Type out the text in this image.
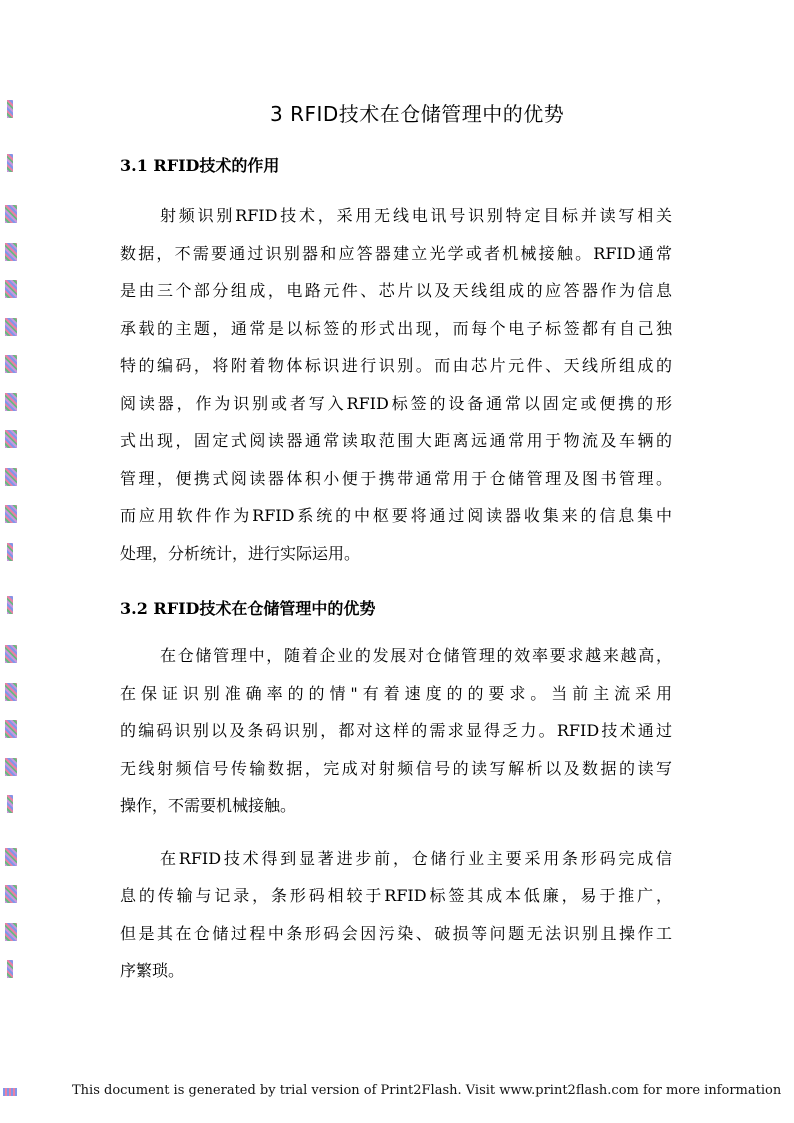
3 RFID技术在仓储管理中的优势
3.1 RFID技术的作用
射频识别RFID技术，采用无线电讯号识别特定目标并读写相关
数据，不需要通过识别器和应答器建立光学或者机械接触。RFID通常
是由三个部分组成，电路元件、芯片以及天线组成的应答器作为信息
承载的主题，通常是以标签的形式出现，而每个电子标签都有自己独
特的编码，将附着物体标识进行识别。而由芯片元件、天线所组成的
阅读器，作为识别或者写入RFID标签的设备通常以固定或便携的形
式出现，固定式阅读器通常读取范围大距离远通常用于物流及车辆的
管理，便携式阅读器体积小便于携带通常用于仓储管理及图书管理。
而应用软件作为RFID系统的中枢要将通过阅读器收集来的信息集中
处理，分析统计，进行实际运用。
3.2 RFID技术在仓储管理中的优势
在仓储管理中，随着企业的发展对仓储管理的效率要求越来越高，
在保证识别准确率的的情"有着速度的的要求。当前主流采用
的编码识别以及条码识别，都对这样的需求显得乏力。RFID技术通过
无线射频信号传输数据，完成对射频信号的读写解析以及数据的读写
操作，不需要机械接触。
在RFID技术得到显著进步前，仓储行业主要采用条形码完成信
息的传输与记录，条形码相较于RFID标签其成本低廉，易于推广，
但是其在仓储过程中条形码会因污染、破损等问题无法识别且操作工
序繁琐。
This document is generated by trial version of Print2Flash. Visit www.print2flash.com for more information
